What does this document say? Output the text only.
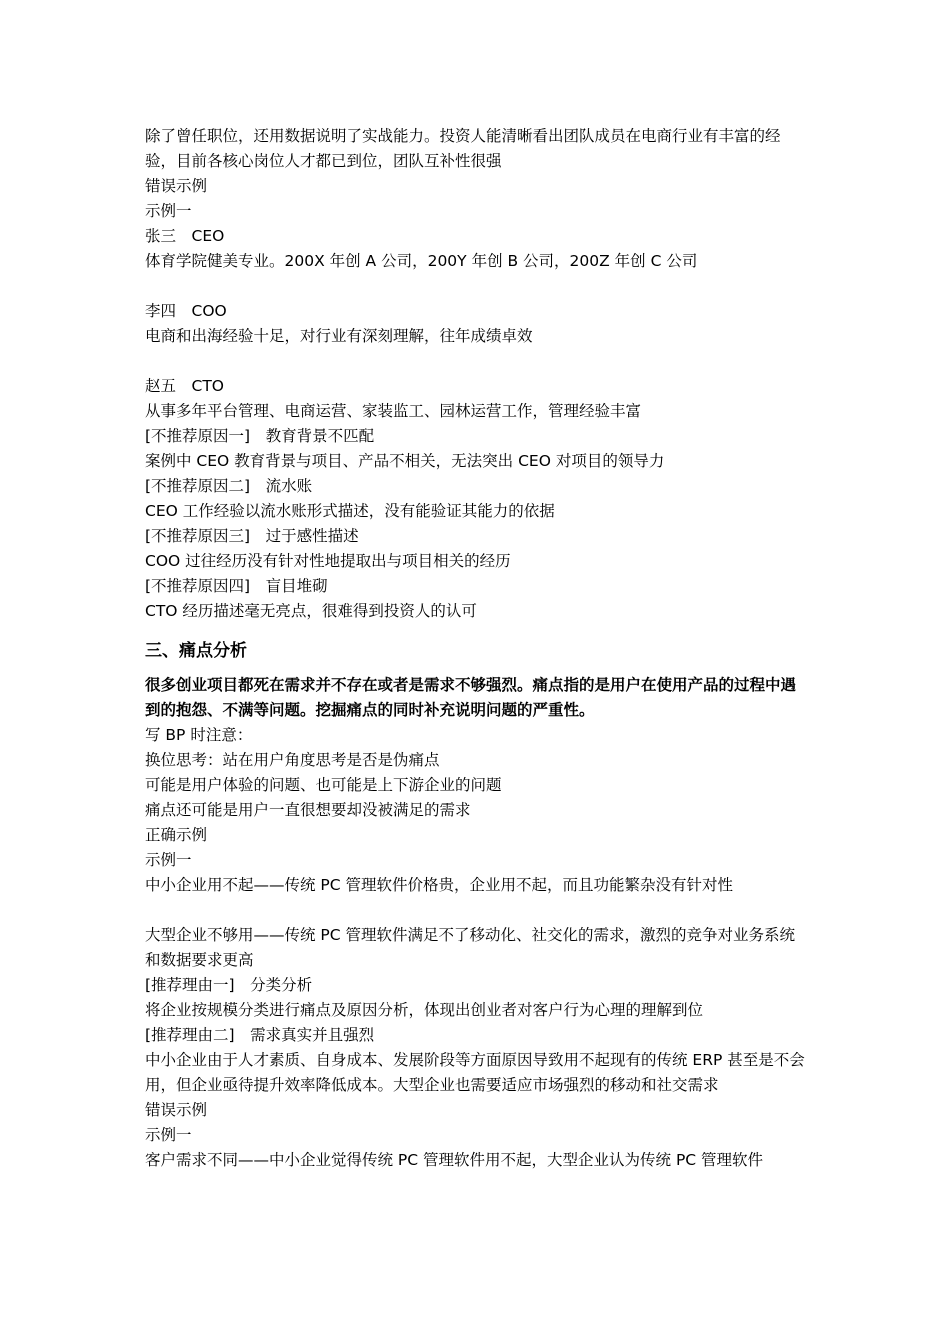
除了曾任职位，还用数据说明了实战能力。投资人能清晰看出团队成员在电商行业有丰富的经验，目前各核心岗位人才都已到位，团队互补性很强
错误示例
示例一
张三　CEO
体育学院健美专业。200X 年创 A 公司，200Y 年创 B 公司，200Z 年创 C 公司
李四　COO
电商和出海经验十足，对行业有深刻理解，往年成绩卓效
赵五　CTO
从事多年平台管理、电商运营、家装监工、园林运营工作，管理经验丰富
[不推荐原因一]　教育背景不匹配
案例中 CEO 教育背景与项目、产品不相关，无法突出 CEO 对项目的领导力
[不推荐原因二]　流水账
CEO 工作经验以流水账形式描述，没有能验证其能力的依据
[不推荐原因三]　过于感性描述
COO 过往经历没有针对性地提取出与项目相关的经历
[不推荐原因四]　盲目堆砌
CTO 经历描述毫无亮点，很难得到投资人的认可
三、痛点分析
很多创业项目都死在需求并不存在或者是需求不够强烈。痛点指的是用户在使用产品的过程中遇到的抱怨、不满等问题。挖掘痛点的同时补充说明问题的严重性。
写 BP 时注意：
换位思考：站在用户角度思考是否是伪痛点
可能是用户体验的问题、也可能是上下游企业的问题
痛点还可能是用户一直很想要却没被满足的需求
正确示例
示例一
中小企业用不起——传统 PC 管理软件价格贵，企业用不起，而且功能繁杂没有针对性
大型企业不够用——传统 PC 管理软件满足不了移动化、社交化的需求，激烈的竞争对业务系统和数据要求更高
[推荐理由一]　分类分析
将企业按规模分类进行痛点及原因分析，体现出创业者对客户行为心理的理解到位
[推荐理由二]　需求真实并且强烈
中小企业由于人才素质、自身成本、发展阶段等方面原因导致用不起现有的传统 ERP 甚至是不会用，但企业亟待提升效率降低成本。大型企业也需要适应市场强烈的移动和社交需求
错误示例
示例一
客户需求不同——中小企业觉得传统 PC 管理软件用不起，大型企业认为传统 PC 管理软件
